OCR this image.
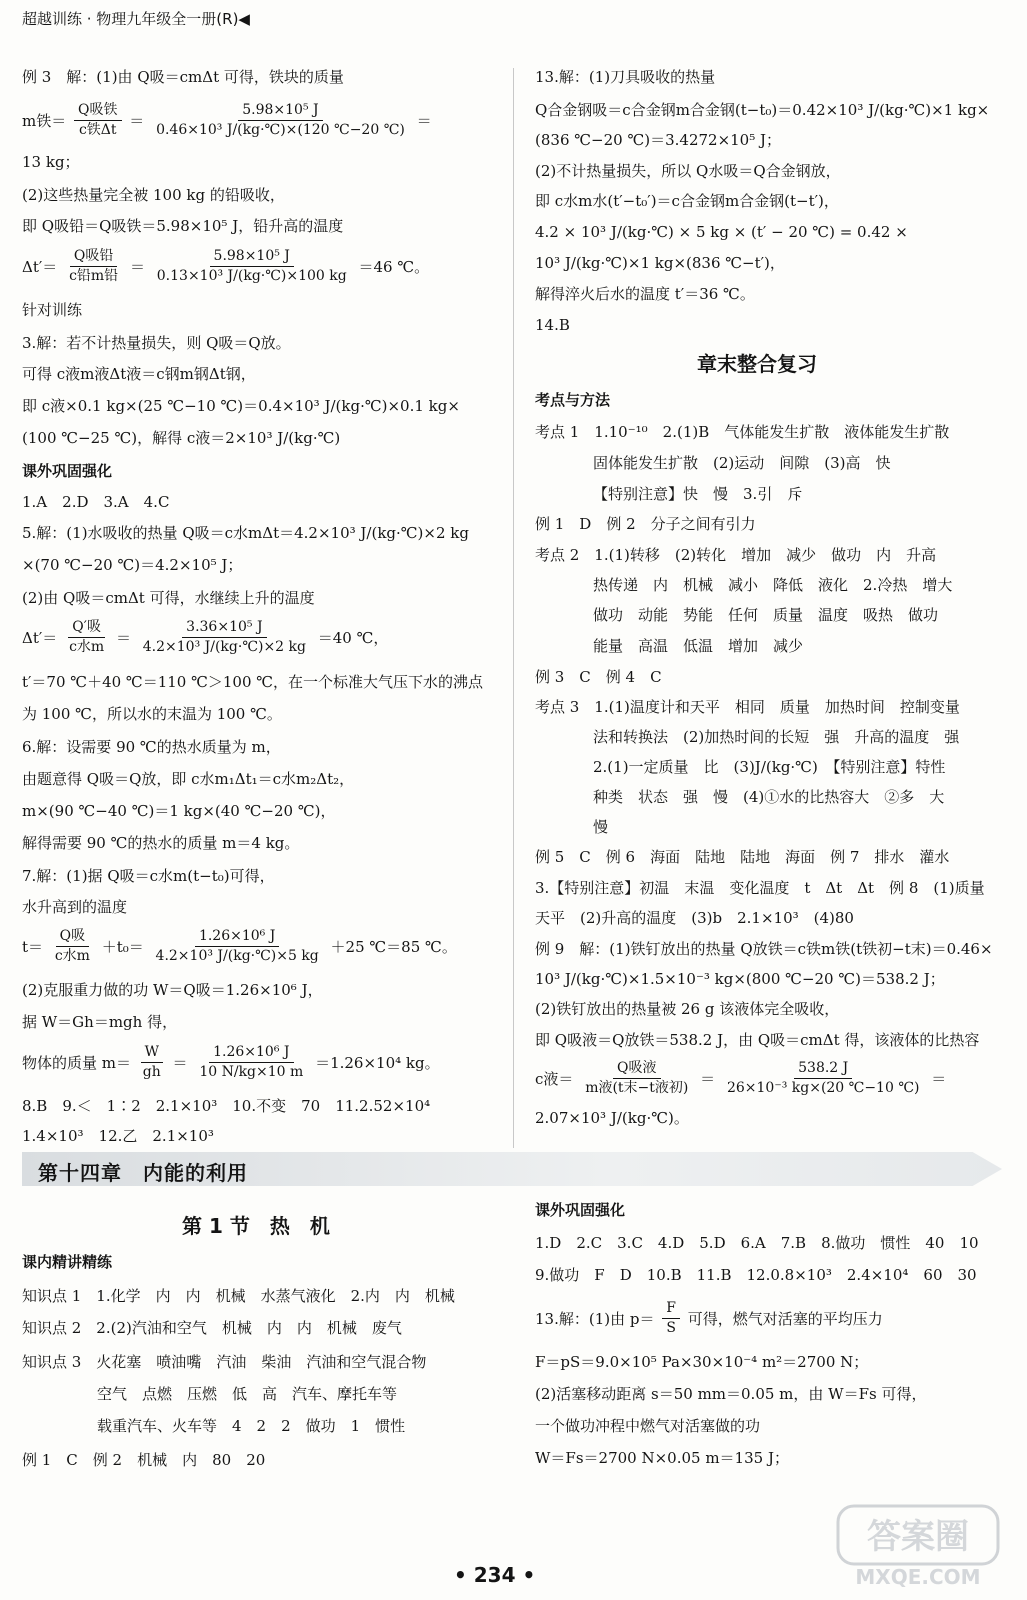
超越训练 · 物理九年级全一册(R)◀
例 3　解：(1)由 Q吸＝cmΔt 可得，铁块的质量
m铁＝ $\frac{\text{Q吸铁}}{\text{c铁Δt}} = \frac{\text{5.98×10⁵ J}}{\text{0.46×10³ J/(kg·℃)×(120 ℃−20 ℃)}}$ ＝
13 kg；
(2)这些热量完全被 100 kg 的铅吸收，
即 Q吸铅＝Q吸铁＝5.98×10⁵ J，铅升高的温度
$\Delta t'= \frac{\text{Q吸铅}}{\text{c铅m铅}} = \frac{\text{5.98×10⁵ J}}{\text{0.13×10³ J/(kg·℃)×100 kg}} =46$ ℃。
针对训练
3.解：若不计热量损失，则 Q吸＝Q放。
可得 c液m液Δt液＝c钢m钢Δt钢，
即 c液×0.1 kg×(25 ℃−10 ℃)＝0.4×10³ J/(kg·℃)×0.1 kg×
(100 ℃−25 ℃)，解得 c液＝2×10³ J/(kg·℃)
课外巩固强化
1.A　2.D　3.A　4.C
5.解：(1)水吸收的热量 Q吸＝c水mΔt＝4.2×10³ J/(kg·℃)×2 kg
×(70 ℃−20 ℃)＝4.2×10⁵ J；
(2)由 Q吸＝cmΔt 可得，水继续上升的温度
$\Delta t'= \frac{\text{Q′吸}}{\text{c水m}} = \frac{\text{3.36×10⁵ J}}{\text{4.2×10³ J/(kg·℃)×2 kg}} =40$ ℃，
t′＝70 ℃＋40 ℃＝110 ℃＞100 ℃，在一个标准大气压下水的沸点
为 100 ℃，所以水的末温为 100 ℃。
6.解：设需要 90 ℃的热水质量为 m，
由题意得 Q吸＝Q放，即 c水m₁Δt₁＝c水m₂Δt₂，
m×(90 ℃−40 ℃)＝1 kg×(40 ℃−20 ℃)，
解得需要 90 ℃的热水的质量 m＝4 kg。
7.解：(1)据 Q吸＝c水m(t−t₀)可得，
水升高到的温度
$t= \frac{\text{Q吸}}{\text{c水m}} +t_0= \frac{\text{1.26×10⁶ J}}{\text{4.2×10³ J/(kg·℃)×5 kg}} +25$ ℃＝85 ℃。
(2)克服重力做的功 W＝Q吸＝1.26×10⁶ J，
据 W＝Gh＝mgh 得，
物体的质量 $m= \frac{W}{gh} = \frac{\text{1.26×10⁶ J}}{10 N/kg\times 10 m} =1.26\times 10^4$ kg。
8.B　9.＜　1∶2　2.1×10³　10.不变　70　11.2.52×10⁴
1.4×10³　12.乙　2.1×10³
13.解：(1)刀具吸收的热量
Q合金钢吸＝c合金钢m合金钢(t−t₀)＝0.42×10³ J/(kg·℃)×1 kg×
(836 ℃−20 ℃)＝3.4272×10⁵ J；
(2)不计热量损失，所以 Q水吸＝Q合金钢放，
即 c水m水(t′−t₀′)＝c合金钢m合金钢(t−t′)，
4.2 × 10³ J/(kg·℃) × 5 kg × (t′ − 20 ℃) = 0.42 ×
10³ J/(kg·℃)×1 kg×(836 ℃−t′)，
解得淬火后水的温度 t′＝36 ℃。
14.B
章末整合复习
考点与方法
考点 1　1.10⁻¹⁰　2.(1)B　气体能发生扩散　液体能发生扩散
固体能发生扩散　(2)运动　间隙　(3)高　快
【特别注意】快　慢　3.引　斥
例 1　D　例 2　分子之间有引力
考点 2　1.(1)转移　(2)转化　增加　减少　做功　内　升高
热传递　内　机械　减小　降低　液化　2.冷热　增大
做功　动能　势能　任何　质量　温度　吸热　做功
能量　高温　低温　增加　减少
例 3　C　例 4　C
考点 3　1.(1)温度计和天平　相同　质量　加热时间　控制变量
法和转换法　(2)加热时间的长短　强　升高的温度　强
2.(1)一定质量　比　(3)J/(kg·℃)　【特别注意】特性
种类　状态　强　慢　(4)①水的比热容大　②多　大
慢
例 5　C　例 6　海面　陆地　陆地　海面　例 7　排水　灌水
3.【特别注意】初温　末温　变化温度　t　Δt　Δt　例 8　(1)质量
天平　(2)升高的温度　(3)b　2.1×10³　(4)80
例 9　解：(1)铁钉放出的热量 Q放铁＝c铁m铁(t铁初−t末)＝0.46×
10³ J/(kg·℃)×1.5×10⁻³ kg×(800 ℃−20 ℃)＝538.2 J；
(2)铁钉放出的热量被 26 g 该液体完全吸收，
即 Q吸液＝Q放铁＝538.2 J，由 Q吸＝cmΔt 得，该液体的比热容
c液＝ $\frac{\text{Q吸液}}{\text{m液(t末−t液初)}} = \frac{538.2 J}{\text{26×10⁻³ kg×(20 ℃−10 ℃)}}$ ＝
2.07×10³ J/(kg·℃)。
第十四章　内能的利用
第 1 节　热　机
课内精讲精练
知识点 1　1.化学　内　内　机械　水蒸气液化　2.内　内　机械
知识点 2　2.(2)汽油和空气　机械　内　内　机械　废气
知识点 3　火花塞　喷油嘴　汽油　柴油　汽油和空气混合物
空气　点燃　压燃　低　高　汽车、摩托车等
载重汽车、火车等　4　2　2　做功　1　惯性
例 1　C　例 2　机械　内　80　20
课外巩固强化
1.D　2.C　3.C　4.D　5.D　6.A　7.B　8.做功　惯性　40　10
9.做功　F　D　10.B　11.B　12.0.8×10³　2.4×10⁴　60　30
13.解：(1)由 $p= \frac{F}{S}$ 可得，燃气对活塞的平均压力
F＝pS＝9.0×10⁵ Pa×30×10⁻⁴ m²＝2700 N；
(2)活塞移动距离 s＝50 mm＝0.05 m，由 W＝Fs 可得，
一个做功冲程中燃气对活塞做的功
W＝Fs＝2700 N×0.05 m＝135 J；
• 234 •
答案圈
MXQE.COM
